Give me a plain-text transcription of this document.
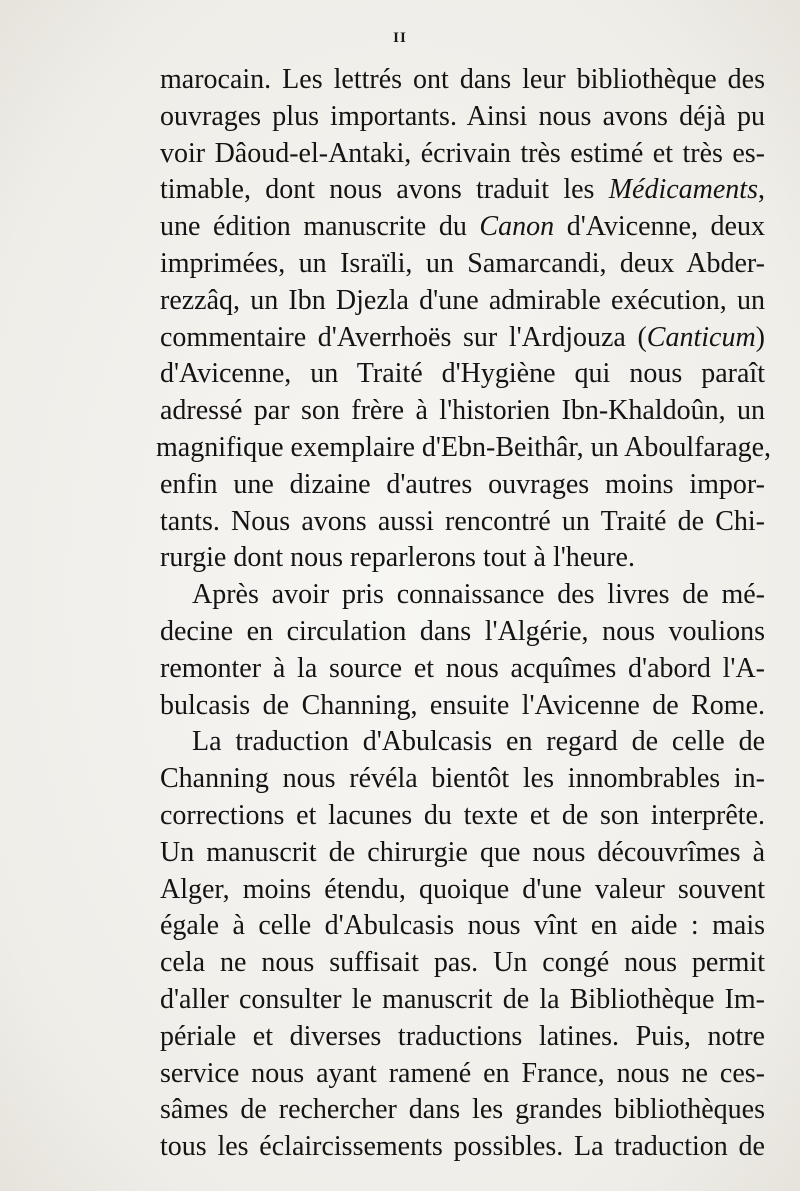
II
marocain. Les lettrés ont dans leur bibliothèque des
ouvrages plus importants. Ainsi nous avons déjà pu
voir Dâoud-el-Antaki, écrivain très estimé et très es-
timable, dont nous avons traduit les Médicaments,
une édition manuscrite du Canon d'Avicenne, deux
imprimées, un Israïli, un Samarcandi, deux Abder-
rezzâq, un Ibn Djezla d'une admirable exécution, un
commentaire d'Averrhoës sur l'Ardjouza (Canticum)
d'Avicenne, un Traité d'Hygiène qui nous paraît
adressé par son frère à l'historien Ibn-Khaldoûn, un
magnifique exemplaire d'Ebn-Beithâr, un Aboulfarage,
enfin une dizaine d'autres ouvrages moins impor-
tants. Nous avons aussi rencontré un Traité de Chi-
rurgie dont nous reparlerons tout à l'heure.
Après avoir pris connaissance des livres de mé-
decine en circulation dans l'Algérie, nous voulions
remonter à la source et nous acquîmes d'abord l'A-
bulcasis de Channing, ensuite l'Avicenne de Rome.
La traduction d'Abulcasis en regard de celle de
Channing nous révéla bientôt les innombrables in-
corrections et lacunes du texte et de son interprête.
Un manuscrit de chirurgie que nous découvrîmes à
Alger, moins étendu, quoique d'une valeur souvent
égale à celle d'Abulcasis nous vînt en aide : mais
cela ne nous suffisait pas. Un congé nous permit
d'aller consulter le manuscrit de la Bibliothèque Im-
périale et diverses traductions latines. Puis, notre
service nous ayant ramené en France, nous ne ces-
sâmes de rechercher dans les grandes bibliothèques
tous les éclaircissements possibles. La traduction de
